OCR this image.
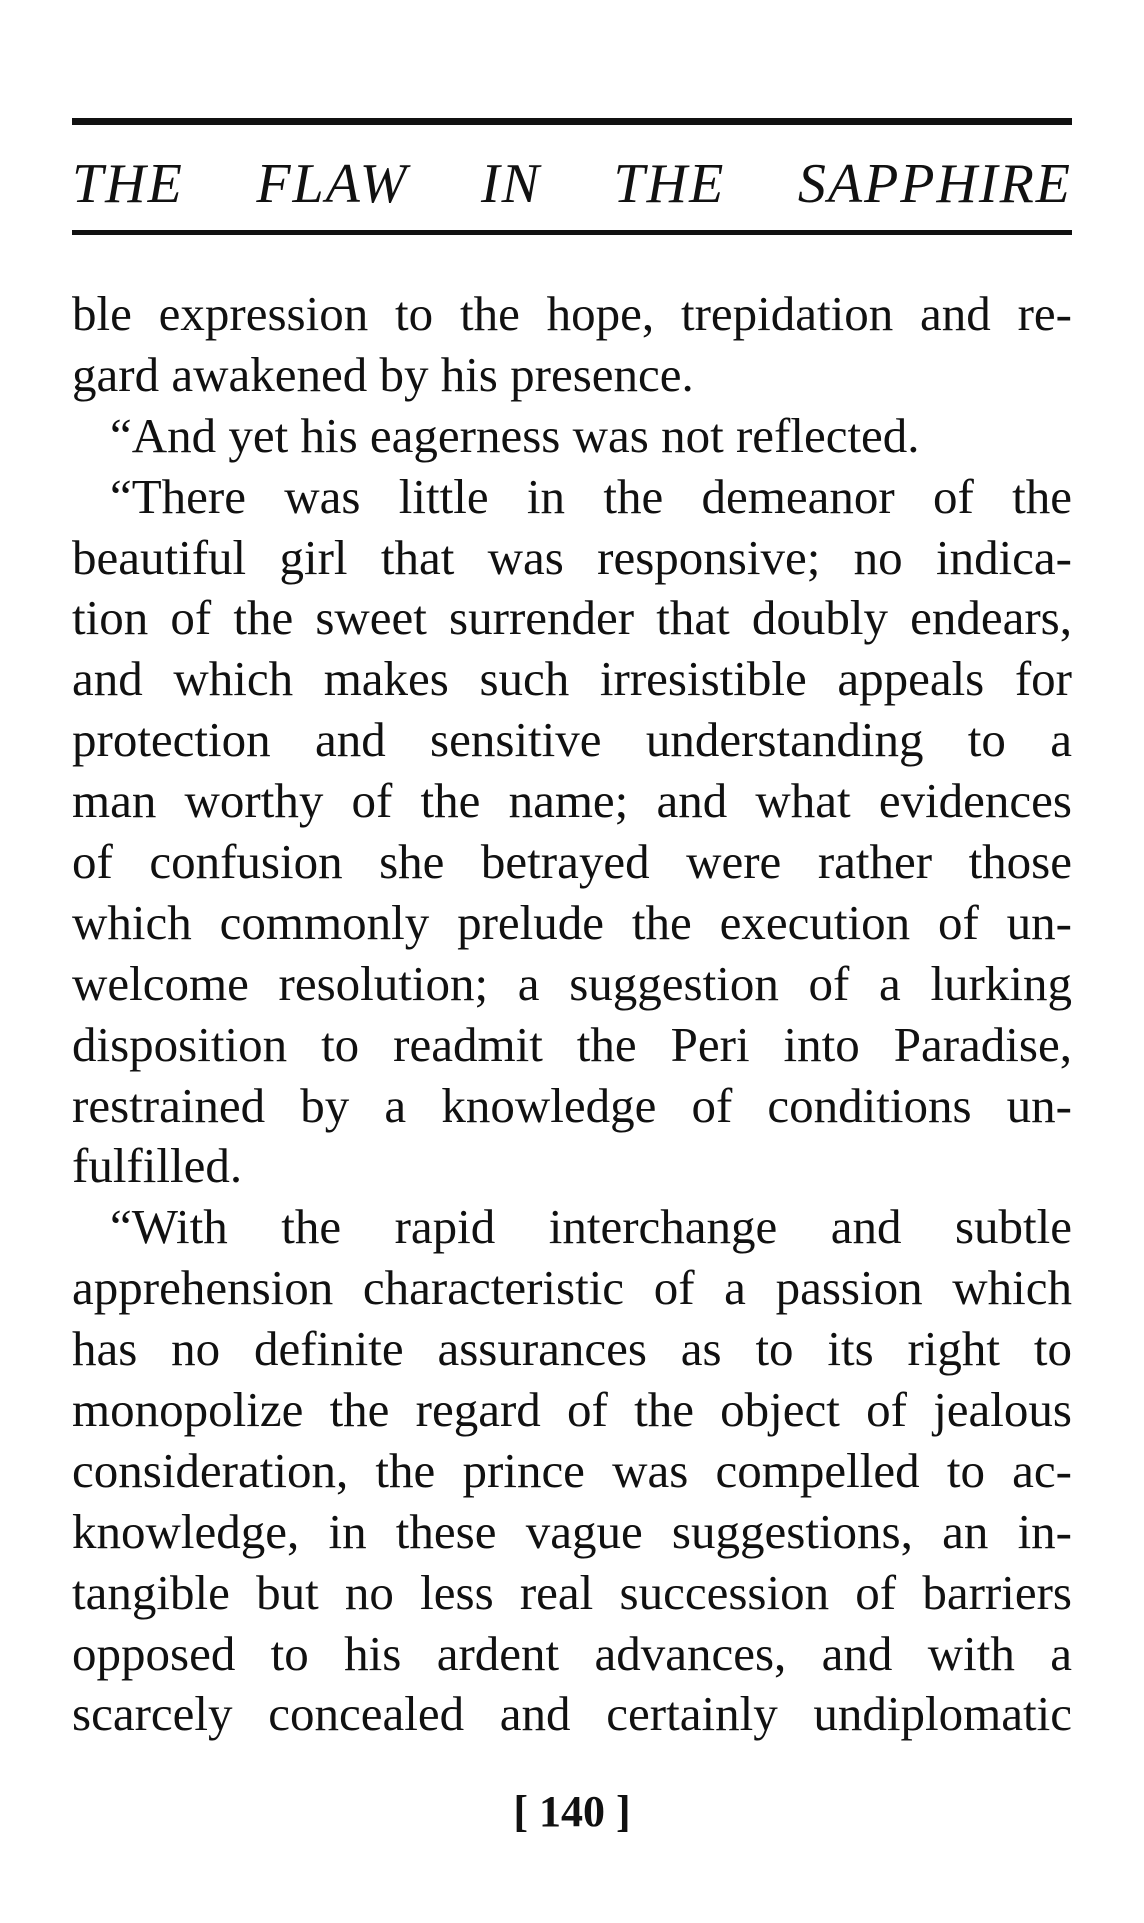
THE FLAW IN THE SAPPHIRE
ble expression to the hope, trepidation and re-
gard awakened by his presence.
“And yet his eagerness was not reflected.
“There was little in the demeanor of the
beautiful girl that was responsive; no indica-
tion of the sweet surrender that doubly endears,
and which makes such irresistible appeals for
protection and sensitive understanding to a
man worthy of the name; and what evidences
of confusion she betrayed were rather those
which commonly prelude the execution of un-
welcome resolution; a suggestion of a lurking
disposition to readmit the Peri into Paradise,
restrained by a knowledge of conditions un-
fulfilled.
“With the rapid interchange and subtle
apprehension characteristic of a passion which
has no definite assurances as to its right to
monopolize the regard of the object of jealous
consideration, the prince was compelled to ac-
knowledge, in these vague suggestions, an in-
tangible but no less real succession of barriers
opposed to his ardent advances, and with a
scarcely concealed and certainly undiplomatic
[ 140 ]
